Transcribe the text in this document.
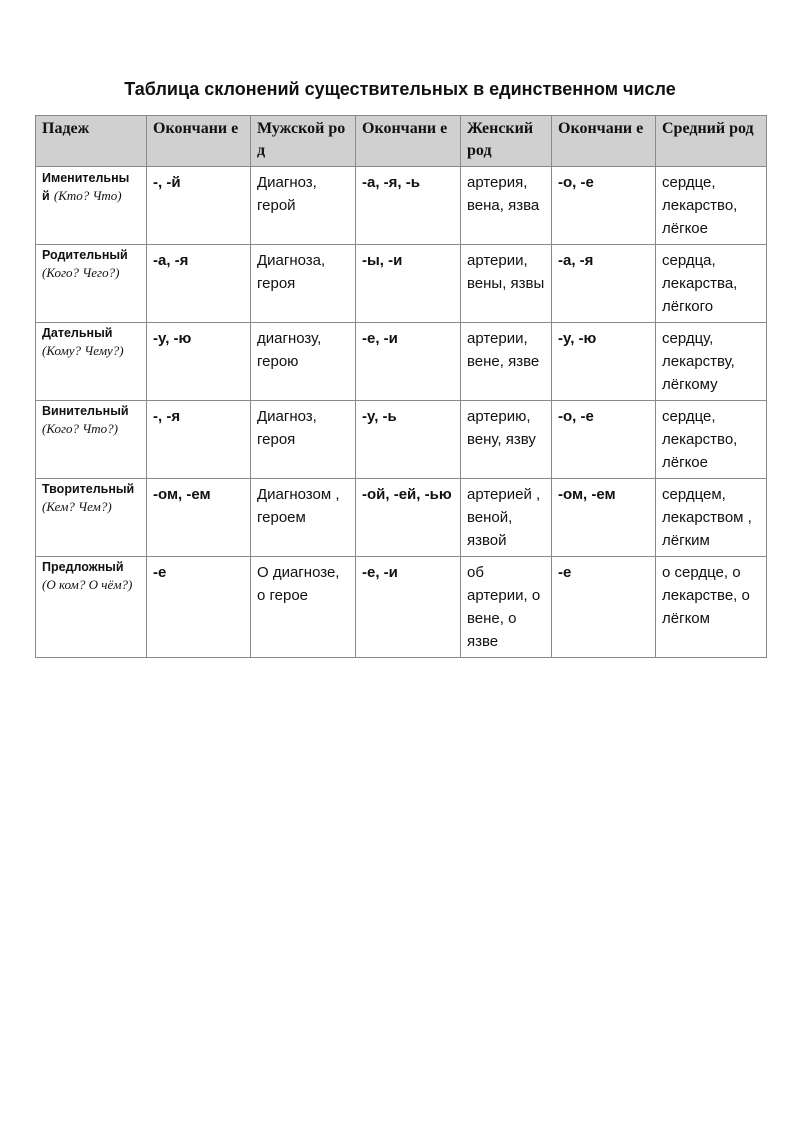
Таблица склонений существительных в единственном числе
Падеж	Окончани е	Мужской род	Окончани е	Женский род	Окончани е	Средний род
Именительны й (Кто? Что)	-, -й	Диагноз, герой	-а, -я, -ь	артерия, вена, язва	-о, -е	сердце, лекарство, лёгкое

Родительный
(Кого? Чего?)	-а, -я	Диагноза, героя	-ы, -и	артерии, вены, язвы	-а, -я	сердца, лекарства, лёгкого

Дательный
(Кому? Чему?)	-у, -ю	диагнозу, герою	-е, -и	артерии, вене, язве	-у, -ю	сердцу, лекарству, лёгкому

Винительный
(Кого? Что?)	-, -я	Диагноз, героя	-у, -ь	артерию, вену, язву	-о, -е	сердце, лекарство, лёгкое

Творительный
(Кем? Чем?)	-ом, -ем	Диагнозом , героем	-ой, -ей, -ью	артерией , веной, язвой	-ом, -ем	сердцем, лекарством , лёгким

Предложный
(О ком? О чём?)	-е	О диагнозе, о герое	-е, -и	об артерии, о вене, о язве	-е	о сердце, о лекарстве, о лёгком
